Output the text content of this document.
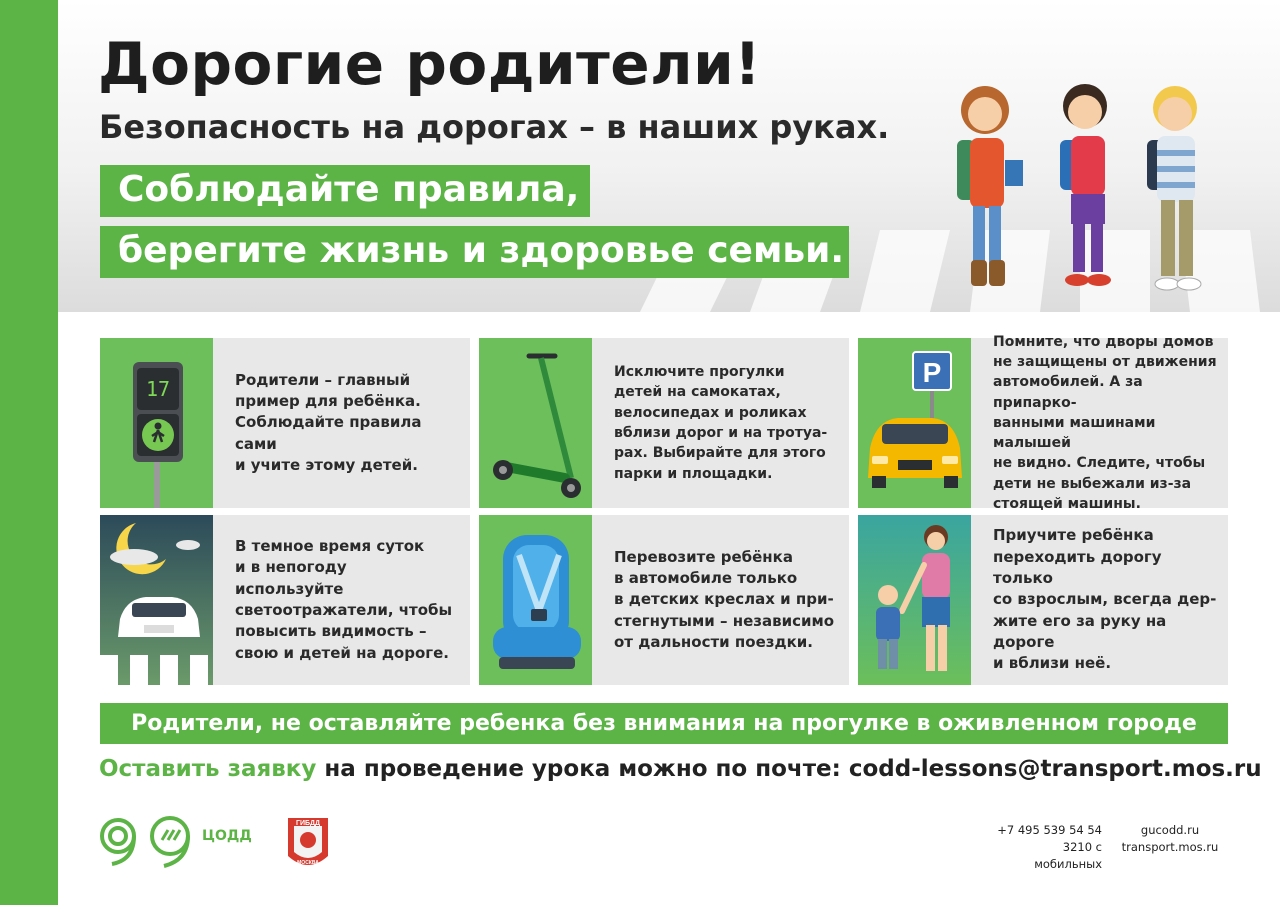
Дорогие родители!
Безопасность на дорогах – в наших руках.
Соблюдайте правила,
берегите жизнь и здоровье семьи.
17	Родители – главный
пример для ребёнка.
Соблюдайте правила сами
и учите этому детей.
Исключите прогулки
детей на самокатах,
велосипедах и роликах
вблизи дорог и на тротуа-
рах. Выбирайте для этого
парки и площадки.
P
Помните, что дворы домов
не защищены от движения
автомобилей. А за припарко-
ванными машинами малышей
не видно. Следите, чтобы
дети не выбежали из-за
стоящей машины.
В темное время суток
и в непогоду используйте
светоотражатели, чтобы
повысить видимость –
свою и детей на дороге.
Перевозите ребёнка
в автомобиле только
в детских креслах и при-
стегнутыми – независимо
от дальности поездки.
Приучите ребёнка
переходить дорогу только
со взрослым, всегда дер-
жите его за руку на дороге
и вблизи неё.
Родители, не оставляйте ребенка без внимания на прогулке в оживленном городе
Оставить заявку на проведение урока можно по почте: codd-lessons@transport.mos.ru
ГИБДД
МОСКВА
ЦОДД	+7 495 539 54 54
3210 с мобильных
gucodd.ru
transport.mos.ru
